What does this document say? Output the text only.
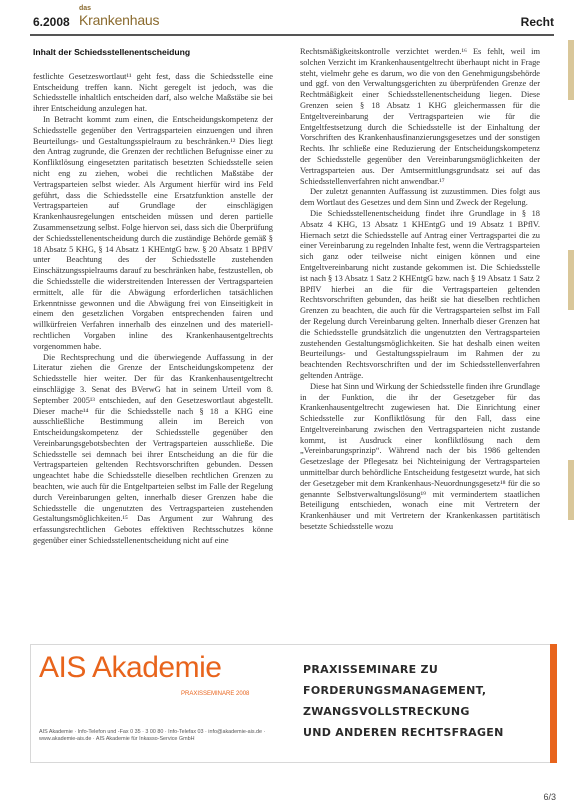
6.2008
das
Krankenhaus	Recht
Inhalt der Schiedsstellenentscheidung

festlichte Gesetzeswortlaut¹¹ geht fest, dass die Schiedsstelle eine Entscheidung treffen kann. Nicht geregelt ist jedoch, was die Schiedsstelle inhaltlich entscheiden darf, also welche Maßstäbe sie bei ihrer Entscheidung anzulegen hat.

In Betracht kommt zum einen, die Entscheidungskompetenz der Schiedsstelle gegenüber den Vertragsparteien einzuengen und ihren Beurteilungs- und Gestaltungsspielraum zu beschränken.¹² Dies liegt den Antrag zugrunde, die Grenzen der rechtlichen Befugnisse einer zu Konfliktlösung eingesetzten paritatisch besetzten Schiedsstelle seien nicht eng zu ziehen, wobei die rechtlichen Maßstäbe der Vertragsparteien selbst wieder. Als Argument hierfür wird ins Feld geführt, dass die Schiedsstelle eine Ersatzfunktion anstelle der Vertragsparteien auf Grundlage der einschlägigen Krankenhausregelungen entscheiden müssen und deren partielle Zusammensetzung selbst. Folge hiervon sei, dass sich die Überprüfung der Schiedsstellenentscheidung durch die zuständige Behörde gemäß § 18 Absatz 5 KHG, § 14 Absatz 1 KHEntgG bzw. § 20 Absatz 1 BPflV unter Beachtung des der Schiedsstelle zustehenden Einschätzungsspielraums darauf zu beschränken habe, festzustellen, ob die Schiedsstelle die widerstreitenden Interessen der Vertragsparteien ermittelt, alle für die Abwägung erforderlichen tatsächlichen Erkenntnisse gewonnen und die Abwägung frei von Einseitigkeit in einem den gesetzlichen Vorgaben entsprechenden fairen und willkürfreien Verfahren innerhalb des einzelnen und des materiell-rechtlichen Vorgaben inline des Krankenhausentgeltrechts vorgenommen habe.

Die Rechtsprechung und die überwiegende Auffassung in der Literatur ziehen die Grenze der Entscheidungskompetenz der Schiedsstelle hier weiter. Der für das Krankenhausentgeltrecht einschlägige 3. Senat des BVerwG hat in seinem Urteil vom 8. September 2005¹³ entschieden, auf den Gesetzeswortlaut abgestellt. Dieser mache¹⁴ für die Schiedsstelle nach § 18 a KHG eine ausschließliche Bestimmung allein im Bereich von Entscheidungskompetenz der Schiedsstelle gegenüber den Vereinbarungsgebotsbechten der Vertragsparteien ausschließe. Die Schiedsstelle sei demnach bei ihrer Entscheidung an die für die Vertragsparteien geltenden Rechtsvorschriften gebunden. Dessen ungeachtet habe die Schiedsstelle dieselben rechtlichen Grenzen zu beachten, wie auch für die Entgeltparteien selbst im Falle der Regelung durch Vereinbarungen gelten, innerhalb dieser Grenzen habe die Schiedsstelle die ungenutzten des Vertragsparteien zustehenden Gestaltungsmöglichkeiten.¹⁵ Das Argument zur Wahrung des erfassungsrechtlichen Gebotes effektiven Rechtsschutzes könne gegenüber einer Schiedsstellenentscheidung nicht auf eine

Rechtsmäßigkeitskontrolle verzichtet werden.¹⁶ Es fehlt, weil im solchen Verzicht im Krankenhausentgeltrecht überhaupt nicht in Frage steht, vielmehr gehe es darum, wo die von den Genehmigungsbehörde und ggf. von den Verwaltungsgerichten zu überprüfenden Grenze der Rechtmäßigkeit einer Schiedsstellenentscheidung liegen. Diese Grenzen seien § 18 Absatz 1 KHG gleichermassen für die Entgeltvereinbarung der Vertragsparteien wie für die Entgeltfestsetzung durch die Schiedsstelle ist der Einhaltung der Vorschriften des Krankenhausfinanzierungsgesetzes und der sonstigen Rechts. Ihr schließe eine Reduzierung der Entscheidungskompetenz der Schiedsstelle gegenüber den Vereinbarungsmöglichkeiten der Vertragsparteien aus. Der Amtsermittlungsgrundsatz sei auf das Schiedsstellenverfahren nicht anwendbar.¹⁷

Der zuletzt genannten Auffassung ist zuzustimmen. Dies folgt aus dem Wortlaut des Gesetzes und dem Sinn und Zweck der Regelung.

Die Schiedsstellenentscheidung findet ihre Grundlage in § 18 Absatz 4 KHG, 13 Absatz 1 KHEntgG und 19 Absatz 1 BPflV. Hiernach setzt die Schiedsstelle auf Antrag einer Vertragspartei die zu einer Vereinbarung zu regelnden Inhalte fest, wenn die Vertragsparteien sich ganz oder teilweise nicht einigen können und eine Entgeltvereinbarung nicht zustande gekommen ist. Die Schiedsstelle ist nach § 13 Absatz 1 Satz 2 KHEntgG bzw. nach § 19 Absatz 1 Satz 2 BPflV hierbei an die für die Vertragsparteien geltenden Rechtsvorschriften gebunden, das heißt sie hat dieselben rechtlichen Grenzen zu beachten, die auch für die Vertragsparteien selbst im Fall der Regelung durch Vereinbarung gelten. Innerhalb dieser Grenzen hat die Schiedsstelle grundsätzlich die ungenutzten den Vertragsparteien zustehenden Gestaltungsmöglichkeiten. Sie hat deshalb einen weiten Beurteilungs- und Gestaltungsspielraum im Rahmen der zu beachtenden Rechtsvorschriften und der im Schiedsstellenverfahren geltenden Anträge.

Diese hat Sinn und Wirkung der Schiedsstelle finden ihre Grundlage in der Funktion, die ihr der Gesetzgeber für das Krankenhausentgeltrecht zugewiesen hat. Die Einrichtung einer Schiedsstelle zur Konfliktlösung für den Fall, dass eine Entgeltvereinbarung zwischen den Vertragsparteien nicht zustande kommt, ist Ausdruck einer konfliktlösung nach dem „Vereinbarungsprinzip“. Während nach der bis 1986 geltenden Gesetzeslage der Pflegesatz bei Nichteinigung der Vertragsparteien unmittelbar durch behördliche Entscheidung festgesetzt wurde, hat sich der Gesetzgeber mit dem Krankenhaus-Neuordnungsgesetz¹⁸ für die so genannte Selbstverwaltungslösung¹⁹ mit vermindertem staatlichen Beteiligung entschieden, wonach eine mit Vertretern der Krankenhäuser und mit Vertretern der Krankenkassen partitätisch besetzte Schiedsstelle wozu

AIS Akademie
PRAXISSEMINARE 2008
AIS Akademie · Info-Telefon und -Fax 0 35 · 3 00 80 · Info-Telefax 03 · info@akademie-ais.de · www.akademie-ais.de · AIS Akademie für Inkasso-Service GmbH
PRAXISSEMINARE ZU
FORDERUNGSMANAGEMENT,
ZWANGSVOLLSTRECKUNG
UND ANDEREN RECHTSFRAGEN
6/3
